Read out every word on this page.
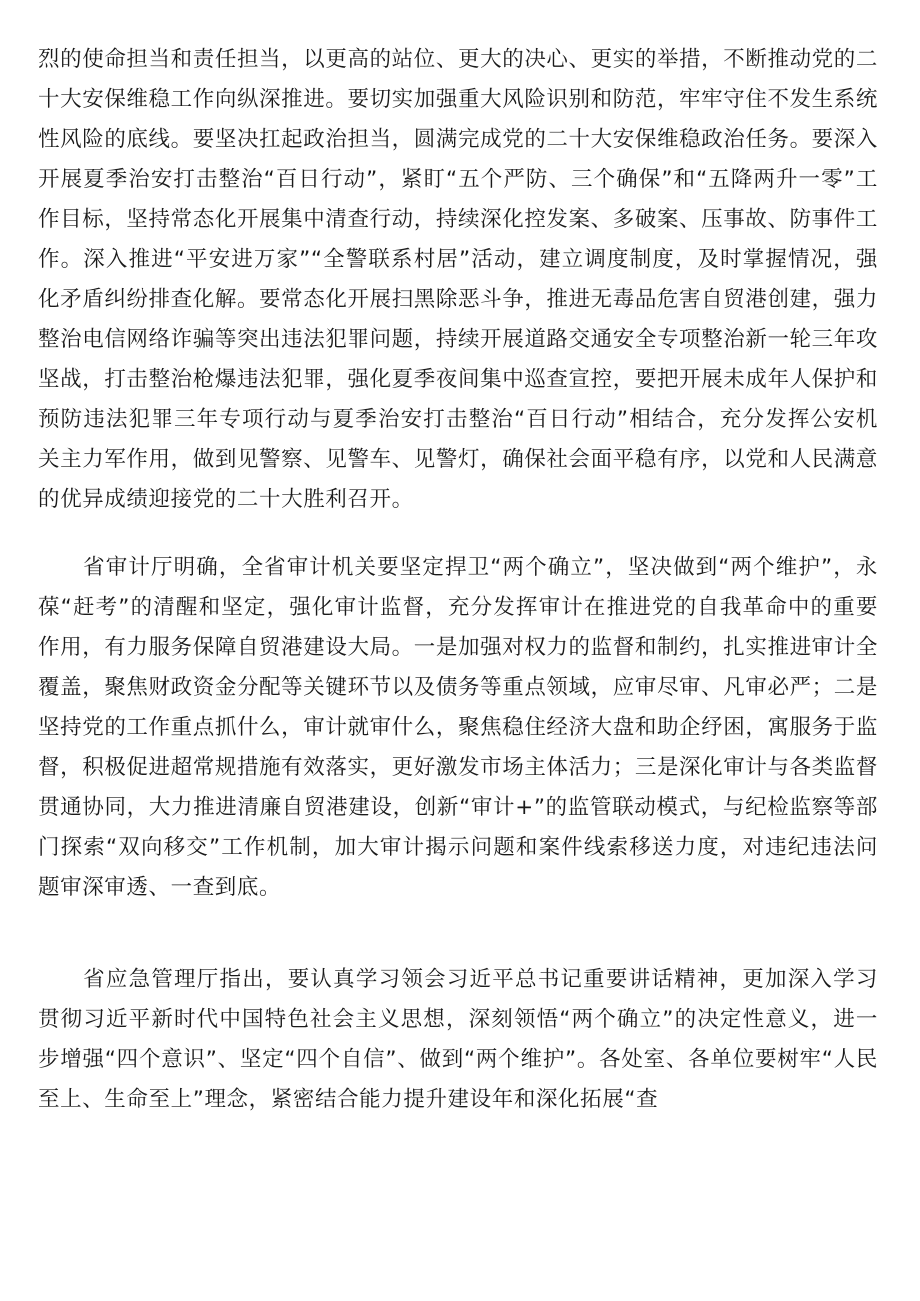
烈的使命担当和责任担当，以更高的站位、更大的决心、更实的举措，不断推动党的二十大安保维稳工作向纵深推进。要切实加强重大风险识别和防范，牢牢守住不发生系统性风险的底线。要坚决扛起政治担当，圆满完成党的二十大安保维稳政治任务。要深入开展夏季治安打击整治“百日行动”，紧盯“五个严防、三个确保”和“五降两升一零”工作目标，坚持常态化开展集中清查行动，持续深化控发案、多破案、压事故、防事件工作。深入推进“平安进万家”“全警联系村居”活动，建立调度制度，及时掌握情况，强化矛盾纠纷排查化解。要常态化开展扫黑除恶斗争，推进无毒品危害自贸港创建，强力整治电信网络诈骗等突出违法犯罪问题，持续开展道路交通安全专项整治新一轮三年攻坚战，打击整治枪爆违法犯罪，强化夏季夜间集中巡查宣控，要把开展未成年人保护和预防违法犯罪三年专项行动与夏季治安打击整治“百日行动”相结合，充分发挥公安机关主力军作用，做到见警察、见警车、见警灯，确保社会面平稳有序，以党和人民满意的优异成绩迎接党的二十大胜利召开。

省审计厅明确，全省审计机关要坚定捍卫“两个确立”，坚决做到“两个维护”，永葆“赶考”的清醒和坚定，强化审计监督，充分发挥审计在推进党的自我革命中的重要作用，有力服务保障自贸港建设大局。一是加强对权力的监督和制约，扎实推进审计全覆盖，聚焦财政资金分配等关键环节以及债务等重点领域，应审尽审、凡审必严；二是坚持党的工作重点抓什么，审计就审什么，聚焦稳住经济大盘和助企纾困，寓服务于监督，积极促进超常规措施有效落实，更好激发市场主体活力；三是深化审计与各类监督贯通协同，大力推进清廉自贸港建设，创新“审计+”的监管联动模式，与纪检监察等部门探索“双向移交”工作机制，加大审计揭示问题和案件线索移送力度，对违纪违法问题审深审透、一查到底。

省应急管理厅指出，要认真学习领会习近平总书记重要讲话精神，更加深入学习贯彻习近平新时代中国特色社会主义思想，深刻领悟“两个确立”的决定性意义，进一步增强“四个意识”、坚定“四个自信”、做到“两个维护”。各处室、各单位要树牢“人民至上、生命至上”理念，紧密结合能力提升建设年和深化拓展“查
